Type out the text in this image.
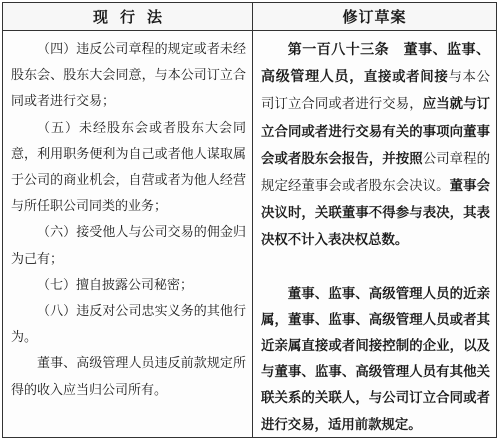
现行法	修订草案

（四）违反公司章程的规定或者未经股东会、股东大会同意，与本公司订立合同或者进行交易；

（五）未经股东会或者股东大会同意，利用职务便利为自己或者他人谋取属于公司的商业机会，自营或者为他人经营与所任职公司同类的业务；

（六）接受他人与公司交易的佣金归为己有；

（七）擅自披露公司秘密；

（八）违反对公司忠实义务的其他行为。

董事、高级管理人员违反前款规定所得的收入应当归公司所有。

第一百八十三条　董事、监事、高级管理人员，直接或者间接与本公司订立合同或者进行交易，应当就与订立合同或者进行交易有关的事项向董事会或者股东会报告，并按照公司章程的规定经董事会或者股东会决议。董事会决议时，关联董事不得参与表决，其表决权不计入表决权总数。

董事、监事、高级管理人员的近亲属，董事、监事、高级管理人员或者其近亲属直接或者间接控制的企业，以及与董事、监事、高级管理人员有其他关联关系的关联人，与公司订立合同或者进行交易，适用前款规定。
